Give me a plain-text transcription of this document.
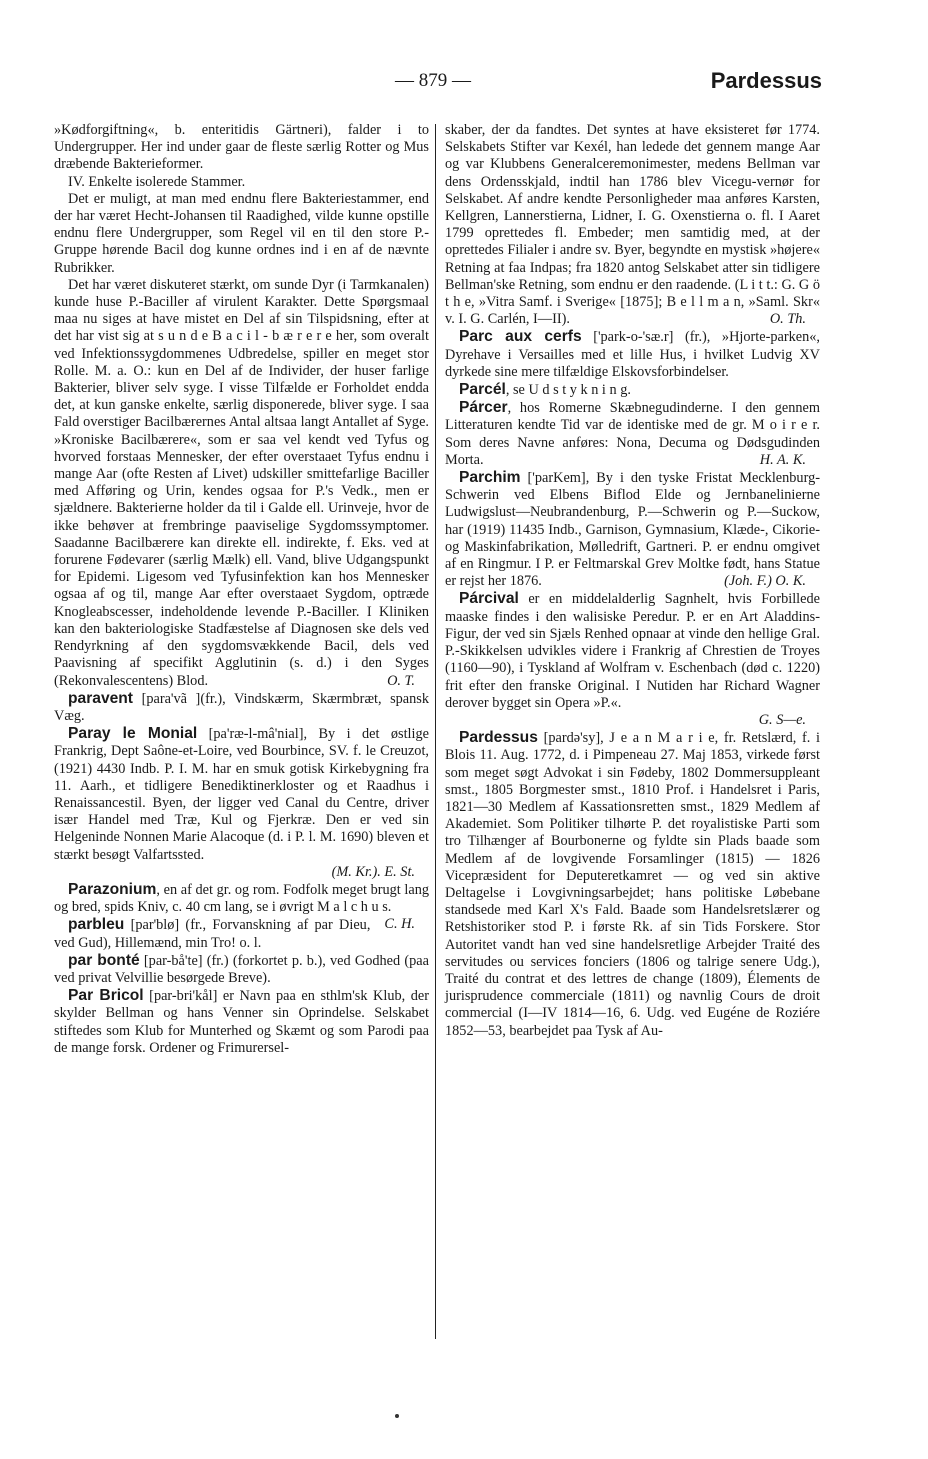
— 879 —	Pardessus

»Kødforgiftning«, b. enteritidis Gärtneri), falder i to Undergrupper. Her ind under gaar de fleste særlig Rotter og Mus dræbende Bakterieformer.

IV. Enkelte isolerede Stammer.

Det er muligt, at man med endnu flere Bakteriestammer, end der har været Hecht-Johansen til Raadighed, vilde kunne opstille endnu flere Undergrupper, som Regel vil en til den store P.-Gruppe hørende Bacil dog kunne ordnes ind i en af de nævnte Rubrikker.

Det har været diskuteret stærkt, om sunde Dyr (i Tarmkanalen) kunde huse P.-Baciller af virulent Karakter. Dette Spørgsmaal maa nu siges at have mistet en Del af sin Tilspidsning, efter at det har vist sig at s u n d e B a c i l - b æ r e r e her, som overalt ved Infektionssygdommenes Udbredelse, spiller en meget stor Rolle. M. a. O.: kun en Del af de Individer, der huser farlige Bakterier, bliver selv syge. I visse Tilfælde er Forholdet endda det, at kun ganske enkelte, særlig disponerede, bliver syge. I saa Fald overstiger Bacilbærernes Antal altsaa langt Antallet af Syge. »Kroniske Bacilbærere«, som er saa vel kendt ved Tyfus og hvorved forstaas Mennesker, der efter overstaaet Tyfus endnu i mange Aar (ofte Resten af Livet) udskiller smittefarlige Baciller med Afføring og Urin, kendes ogsaa for P.'s Vedk., men er sjældnere. Bakterierne holder da til i Galde ell. Urinveje, hvor de ikke behøver at frembringe paaviselige Sygdomssymptomer. Saadanne Bacilbærere kan direkte ell. indirekte, f. Eks. ved at forurene Fødevarer (særlig Mælk) ell. Vand, blive Udgangspunkt for Epidemi. Ligesom ved Tyfusinfektion kan hos Mennesker ogsaa af og til, mange Aar efter overstaaet Sygdom, optræde Knogleabscesser, indeholdende levende P.-Baciller. I Kliniken kan den bakteriologiske Stadfæstelse af Diagnosen ske dels ved Rendyrkning af den sygdomsvækkende Bacil, dels ved Paavisning af specifikt Agglutinin (s. d.) i den Syges (Rekonvalescentens) Blod.	O. T.

paravent [para'vã ](fr.), Vindskærm, Skærmbræt, spansk Væg.

Paray le Monial [pa'ræ-l-mâ'nial], By i det østlige Frankrig, Dept Saône-et-Loire, ved Bourbince, SV. f. le Creuzot, (1921) 4430 Indb. P. I. M. har en smuk gotisk Kirkebygning fra 11. Aarh., et tidligere Benediktinerkloster og et Raadhus i Renaissancestil. Byen, der ligger ved Canal du Centre, driver især Handel med Træ, Kul og Fjerkræ. Den er ved sin Helgeninde Nonnen Marie Alacoque (d. i P. l. M. 1690) bleven et stærkt besøgt Valfartssted.

(M. Kr.). E. St.

Parazonium, en af det gr. og rom. Fodfolk meget brugt lang og bred, spids Kniv, c. 40 cm lang, se i øvrigt M a l c h u s.
C. H.

parbleu [par'blø] (fr., Forvanskning af par Dieu, ved Gud), Hillemænd, min Tro! o. l.

par bonté [par-bå'te] (fr.) (forkortet p. b.), ved Godhed (paa ved privat Velvillie besørgede Breve).

Par Bricol [par-bri'kål] er Navn paa en sthlm'sk Klub, der skylder Bellman og hans Venner sin Oprindelse. Selskabet stiftedes som Klub for Munterhed og Skæmt og som Parodi paa de mange forsk. Ordener og Frimurersel-

skaber, der da fandtes. Det syntes at have eksisteret før 1774. Selskabets Stifter var Kexél, han ledede det gennem mange Aar og var Klubbens Generalceremonimester, medens Bellman var dens Ordensskjald, indtil han 1786 blev Vicegu-vernør for Selskabet. Af andre kendte Personligheder maa anføres Karsten, Kellgren, Lannerstierna, Lidner, I. G. Oxenstierna o. fl. I Aaret 1799 oprettedes fl. Embeder; men samtidig med, at der oprettedes Filialer i andre sv. Byer, begyndte en mystisk »højere« Retning at faa Indpas; fra 1820 antog Selskabet atter sin tidligere Bellman'ske Retning, som endnu er den raadende. (L i t t.: G. G ö t h e, »Vitra Samf. i Sverige« [1875]; B e l l m a n, »Saml. Skr« v. I. G. Carlén, I—II).	O. Th.

Parc aux cerfs ['park-o-'sæ.r] (fr.), »Hjorte-parken«, Dyrehave i Versailles med et lille Hus, i hvilket Ludvig XV dyrkede sine mere tilfældige Elskovsforbindelser.

Parcél, se U d s t y k n i n g.

Párcer, hos Romerne Skæbnegudinderne. I den gennem Litteraturen kendte Tid var de identiske med de gr. M o i r e r. Som deres Navne anføres: Nona, Decuma og Dødsgudinden Morta.	H. A. K.

Parchim ['parKem], By i den tyske Fristat Mecklenburg-Schwerin ved Elbens Biflod Elde og Jernbanelinierne Ludwigslust—Neubrandenburg, P.—Schwerin og P.—Suckow, har (1919) 11435 Indb., Garnison, Gymnasium, Klæde-, Cikorie- og Maskinfabrikation, Mølledrift, Gartneri. P. er endnu omgivet af en Ringmur. I P. er Feltmarskal Grev Moltke født, hans Statue er rejst her 1876.	(Joh. F.) O. K.

Párcival er en middelalderlig Sagnhelt, hvis Forbillede maaske findes i den walisiske Peredur. P. er en Art Aladdins-Figur, der ved sin Sjæls Renhed opnaar at vinde den hellige Gral. P.-Skikkelsen udvikles videre i Frankrig af Chrestien de Troyes (1160—90), i Tyskland af Wolfram v. Eschenbach (død c. 1220) frit efter den franske Original. I Nutiden har Richard Wagner derover bygget sin Opera »P.«.

G. S—e.

Pardessus [pardə'sy], J e a n M a r i e, fr. Retslærd, f. i Blois 11. Aug. 1772, d. i Pimpeneau 27. Maj 1853, virkede først som meget søgt Advokat i sin Fødeby, 1802 Dommersuppleant smst., 1805 Borgmester smst., 1810 Prof. i Handelsret i Paris, 1821—30 Medlem af Kassationsretten smst., 1829 Medlem af Akademiet. Som Politiker tilhørte P. det royalistiske Parti som tro Tilhænger af Bourbonerne og fyldte sin Plads baade som Medlem af de lovgivende Forsamlinger (1815) — 1826 Vicepræsident for Deputeretkamret — og ved sin aktive Deltagelse i Lovgivningsarbejdet; hans politiske Løbebane standsede med Karl X's Fald. Baade som Handelsretslærer og Retshistoriker stod P. i første Rk. af sin Tids Forskere. Stor Autoritet vandt han ved sine handelsretlige Arbejder Traité des servitudes ou services fonciers (1806 og talrige senere Udg.), Traité du contrat et des lettres de change (1809), Élements de jurisprudence commerciale (1811) og navnlig Cours de droit commercial (I—IV 1814—16, 6. Udg. ved Eugéne de Roziére 1852—53, bearbejdet paa Tysk af Au-
